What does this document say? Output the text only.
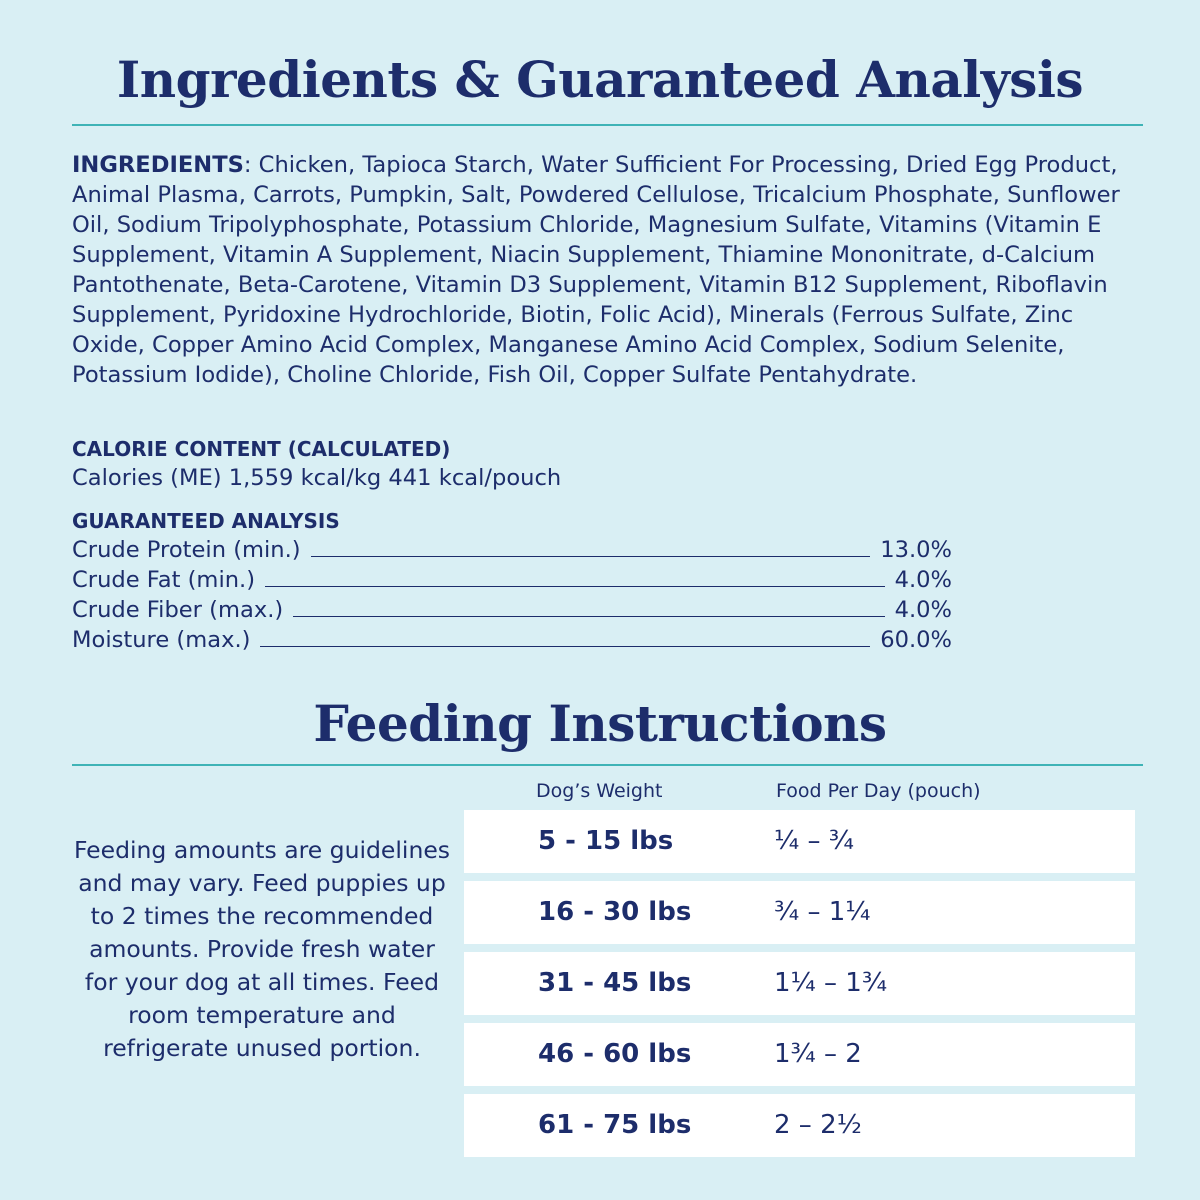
Ingredients & Guaranteed Analysis
INGREDIENTS: Chicken, Tapioca Starch, Water Sufficient For Processing, Dried Egg Product, Animal Plasma, Carrots, Pumpkin, Salt, Powdered Cellulose, Tricalcium Phosphate, Sunflower Oil, Sodium Tripolyphosphate, Potassium Chloride, Magnesium Sulfate, Vitamins (Vitamin E Supplement, Vitamin A Supplement, Niacin Supplement, Thiamine Mononitrate, d-Calcium Pantothenate, Beta-Carotene, Vitamin D3 Supplement, Vitamin B12 Supplement, Riboflavin Supplement, Pyridoxine Hydrochloride, Biotin, Folic Acid), Minerals (Ferrous Sulfate, Zinc Oxide, Copper Amino Acid Complex, Manganese Amino Acid Complex, Sodium Selenite, Potassium Iodide), Choline Chloride, Fish Oil, Copper Sulfate Pentahydrate.
CALORIE CONTENT (CALCULATED)
Calories (ME) 1,559 kcal/kg 441 kcal/pouch
GUARANTEED ANALYSIS
Crude Protein (min.)	13.0%
Crude Fat (min.)	4.0%
Crude Fiber (max.)	4.0%
Moisture (max.)	60.0%
Feeding Instructions
Feeding amounts are guidelines and may vary. Feed puppies up to 2 times the recommended amounts. Provide fresh water for your dog at all times. Feed room temperature and refrigerate unused portion.
Dog’s Weight	Food Per Day (pouch)
5 - 15 lbs	¼ – ¾
16 - 30 lbs	¾ – 1¼
31 - 45 lbs	1¼ – 1¾
46 - 60 lbs	1¾ – 2
61 - 75 lbs	2 – 2½
